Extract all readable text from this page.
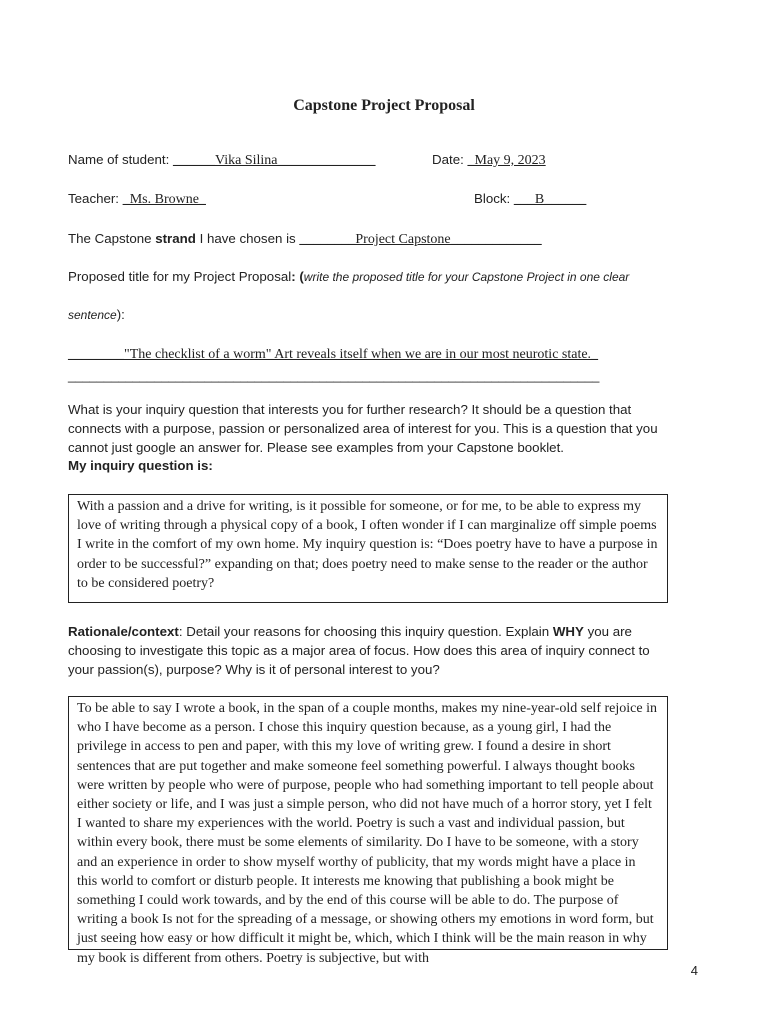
Capstone Project Proposal
Name of student: ______Vika Silina______________	Date: _May 9, 2023
Teacher: _Ms. Browne_	Block: ___B______
The Capstone strand I have chosen is ________Project Capstone_____________
Proposed title for my Project Proposal: (write the proposed title for your Capstone Project in one clear
sentence):
________"The checklist of a worm" Art reveals itself when we are in our most neurotic state._
__________________________________________________________________________
What is your inquiry question that interests you for further research? It should be a question that connects with a purpose, passion or personalized area of interest for you. This is a question that you cannot just google an answer for. Please see examples from your Capstone booklet.
My inquiry question is:

With a passion and a drive for writing, is it possible for someone, or for me, to be able to express my love of writing through a physical copy of a book, I often wonder if I can marginalize off simple poems I write in the comfort of my own home. My inquiry question is: “Does poetry have to have a purpose in order to be successful?” expanding on that; does poetry need to make sense to the reader or the author to be considered poetry?

Rationale/context: Detail your reasons for choosing this inquiry question. Explain WHY you are choosing to investigate this topic as a major area of focus. How does this area of inquiry connect to your passion(s), purpose? Why is it of personal interest to you?

To be able to say I wrote a book, in the span of a couple months, makes my nine-year-old self rejoice in who I have become as a person. I chose this inquiry question because, as a young girl, I had the privilege in access to pen and paper, with this my love of writing grew. I found a desire in short sentences that are put together and make someone feel something powerful. I always thought books were written by people who were of purpose, people who had something important to tell people about either society or life, and I was just a simple person, who did not have much of a horror story, yet I felt I wanted to share my experiences with the world. Poetry is such a vast and individual passion, but within every book, there must be some elements of similarity. Do I have to be someone, with a story and an experience in order to show myself worthy of publicity, that my words might have a place in this world to comfort or disturb people. It interests me knowing that publishing a book might be something I could work towards, and by the end of this course will be able to do. The purpose of writing a book Is not for the spreading of a message, or showing others my emotions in word form, but just seeing how easy or how difficult it might be, which, which I think will be the main reason in why my book is different from others. Poetry is subjective, but with

4
